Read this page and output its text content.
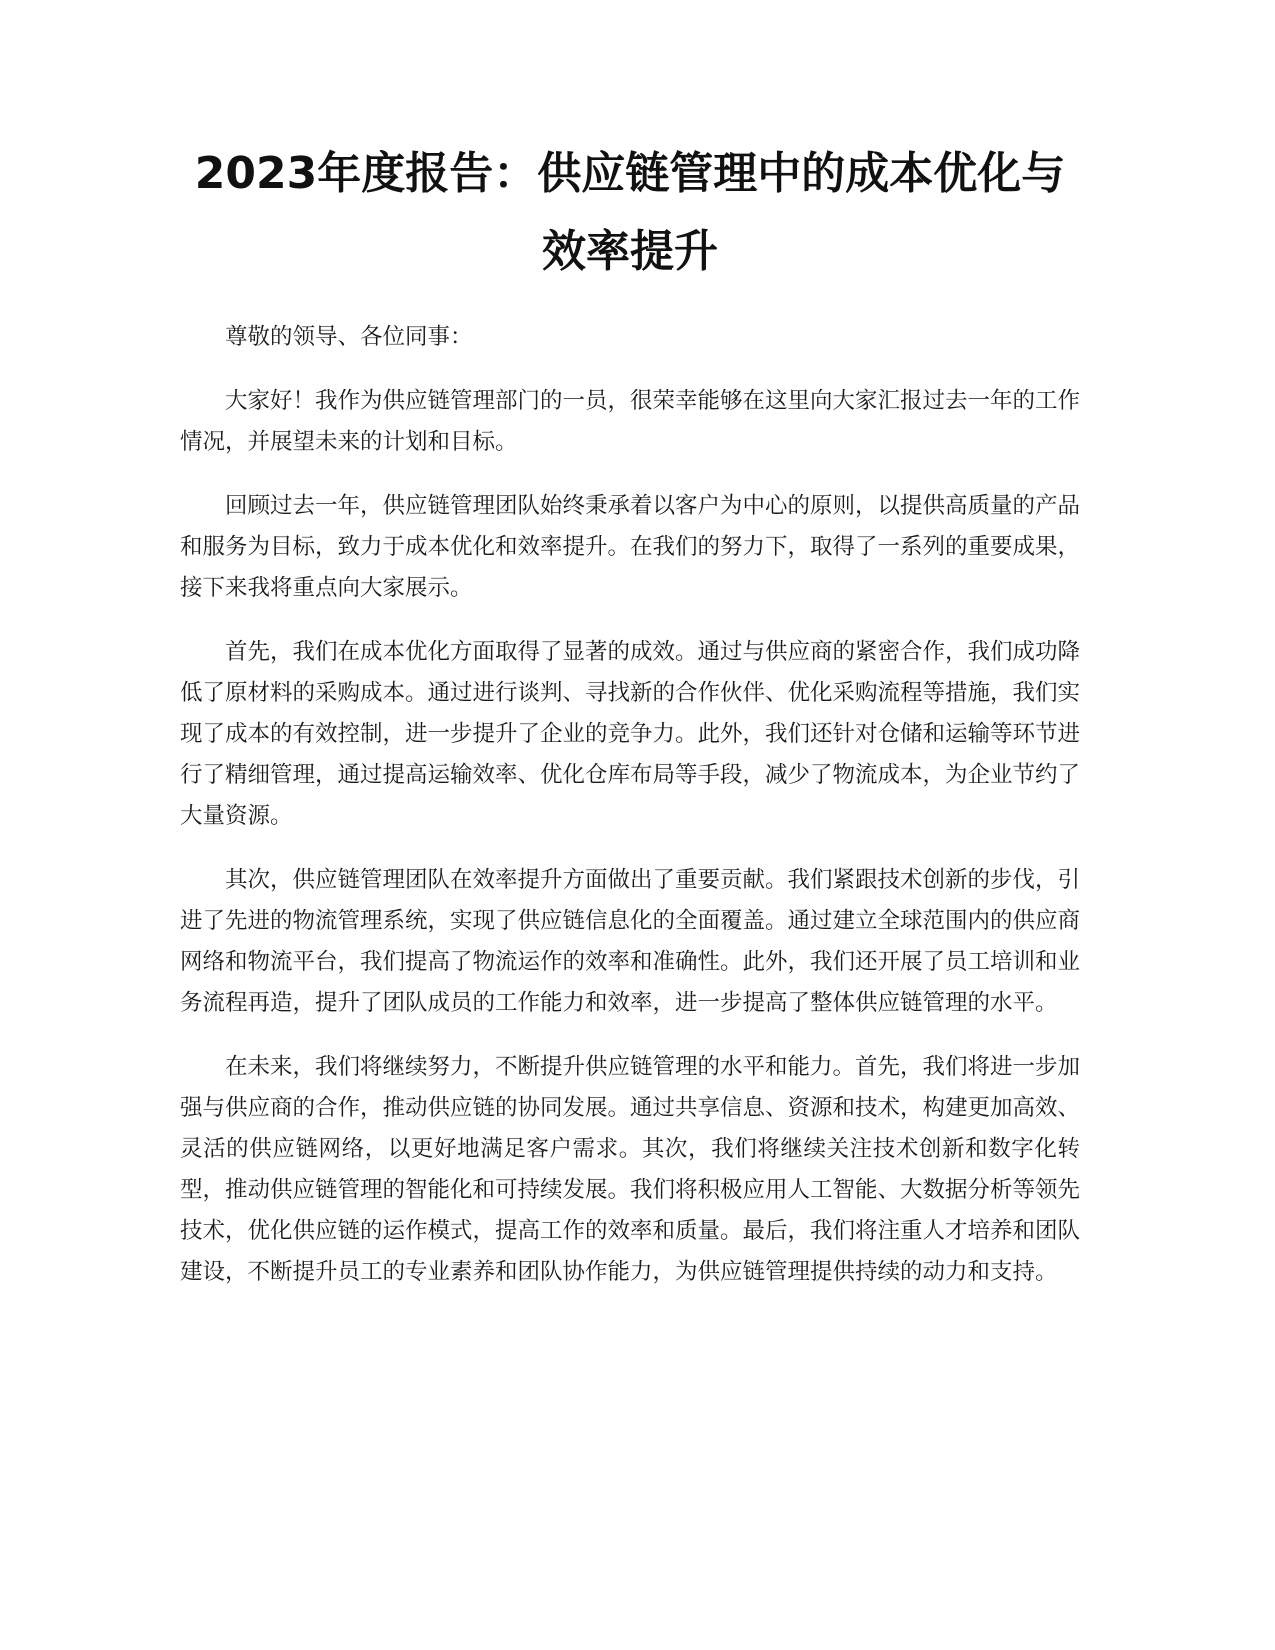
2023年度报告：供应链管理中的成本优化与效率提升

尊敬的领导、各位同事：

大家好！我作为供应链管理部门的一员，很荣幸能够在这里向大家汇报过去一年的工作情况，并展望未来的计划和目标。

回顾过去一年，供应链管理团队始终秉承着以客户为中心的原则，以提供高质量的产品和服务为目标，致力于成本优化和效率提升。在我们的努力下，取得了一系列的重要成果，接下来我将重点向大家展示。

首先，我们在成本优化方面取得了显著的成效。通过与供应商的紧密合作，我们成功降低了原材料的采购成本。通过进行谈判、寻找新的合作伙伴、优化采购流程等措施，我们实现了成本的有效控制，进一步提升了企业的竞争力。此外，我们还针对仓储和运输等环节进行了精细管理，通过提高运输效率、优化仓库布局等手段，减少了物流成本，为企业节约了大量资源。

其次，供应链管理团队在效率提升方面做出了重要贡献。我们紧跟技术创新的步伐，引进了先进的物流管理系统，实现了供应链信息化的全面覆盖。通过建立全球范围内的供应商网络和物流平台，我们提高了物流运作的效率和准确性。此外，我们还开展了员工培训和业务流程再造，提升了团队成员的工作能力和效率，进一步提高了整体供应链管理的水平。

在未来，我们将继续努力，不断提升供应链管理的水平和能力。首先，我们将进一步加强与供应商的合作，推动供应链的协同发展。通过共享信息、资源和技术，构建更加高效、灵活的供应链网络，以更好地满足客户需求。其次，我们将继续关注技术创新和数字化转型，推动供应链管理的智能化和可持续发展。我们将积极应用人工智能、大数据分析等领先技术，优化供应链的运作模式，提高工作的效率和质量。最后，我们将注重人才培养和团队建设，不断提升员工的专业素养和团队协作能力，为供应链管理提供持续的动力和支持。
